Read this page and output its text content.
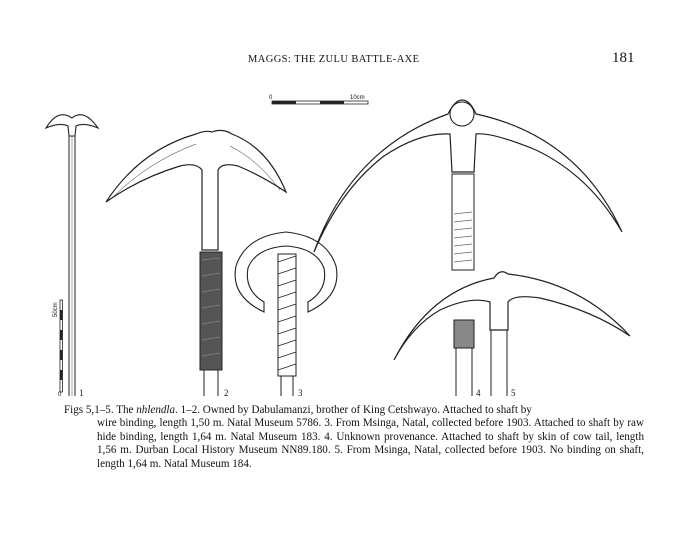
MAGGS: THE ZULU BATTLE-AXE	181
0	10cm
50cm
0 1	2	3	4	5
Figs 5,1–5. The nhlendla. 1–2. Owned by Dabulamanzi, brother of King Cetshwayo. Attached to shaft by
wire binding, length 1,50 m. Natal Museum 5786. 3. From Msinga, Natal, collected before 1903. Attached to shaft by raw hide binding, length 1,64 m. Natal Museum 183. 4. Unknown provenance. Attached to shaft by skin of cow tail, length 1,56 m. Durban Local History Museum NN89.180. 5. From Msinga, Natal, collected before 1903. No binding on shaft, length 1,64 m. Natal Museum 184.
